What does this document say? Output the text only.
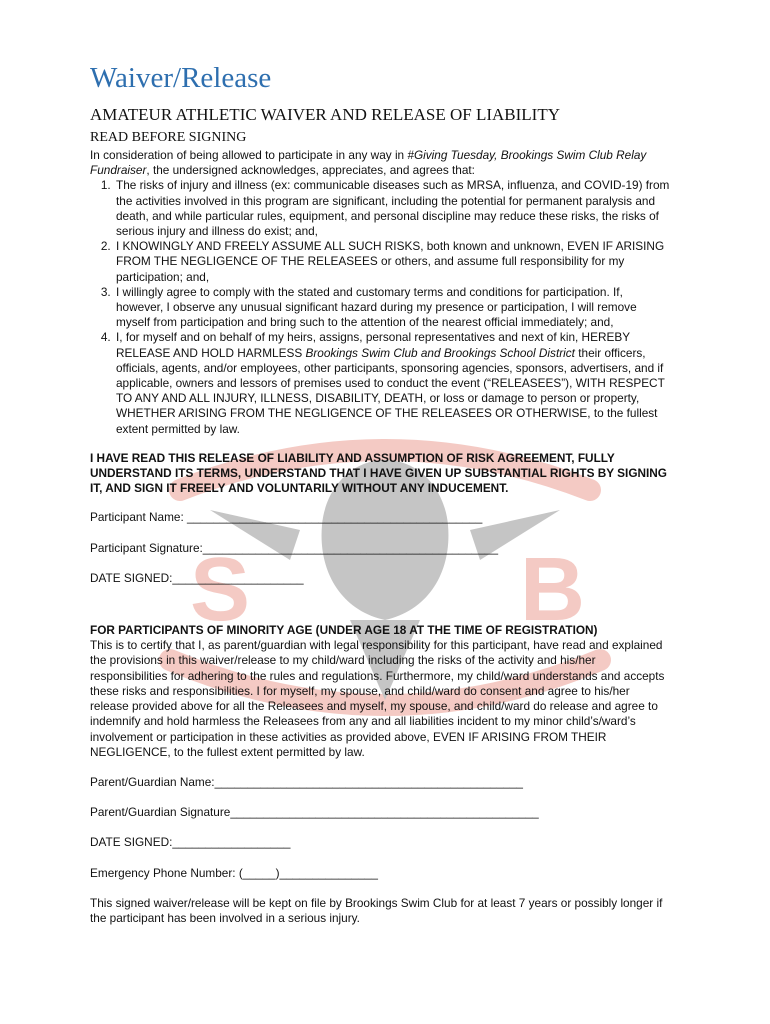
S	B
Waiver/Release
AMATEUR ATHLETIC WAIVER AND RELEASE OF LIABILITY
READ BEFORE SIGNING

In consideration of being allowed to participate in any way in #Giving Tuesday, Brookings Swim Club Relay Fundraiser, the undersigned acknowledges, appreciates, and agrees that:

1. The risks of injury and illness (ex: communicable diseases such as MRSA, influenza, and COVID-19) from the activities involved in this program are significant, including the potential for permanent paralysis and death, and while particular rules, equipment, and personal discipline may reduce these risks, the risks of serious injury and illness do exist; and,
2. I KNOWINGLY AND FREELY ASSUME ALL SUCH RISKS, both known and unknown, EVEN IF ARISING FROM THE NEGLIGENCE OF THE RELEASEES or others, and assume full responsibility for my participation; and,
3. I willingly agree to comply with the stated and customary terms and conditions for participation. If, however, I observe any unusual significant hazard during my presence or participation, I will remove myself from participation and bring such to the attention of the nearest official immediately; and,
4. I, for myself and on behalf of my heirs, assigns, personal representatives and next of kin, HEREBY RELEASE AND HOLD HARMLESS Brookings Swim Club and Brookings School District their officers, officials, agents, and/or employees, other participants, sponsoring agencies, sponsors, advertisers, and if applicable, owners and lessors of premises used to conduct the event (“RELEASEES”), WITH RESPECT TO ANY AND ALL INJURY, ILLNESS, DISABILITY, DEATH, or loss or damage to person or property, WHETHER ARISING FROM THE NEGLIGENCE OF THE RELEASEES OR OTHERWISE, to the fullest extent permitted by law.

I HAVE READ THIS RELEASE OF LIABILITY AND ASSUMPTION OF RISK AGREEMENT, FULLY UNDERSTAND ITS TERMS, UNDERSTAND THAT I HAVE GIVEN UP SUBSTANTIAL RIGHTS BY SIGNING IT, AND SIGN IT FREELY AND VOLUNTARILY WITHOUT ANY INDUCEMENT.

Participant Name: _____________________________________________

Participant Signature:_____________________________________________

DATE SIGNED:____________________

FOR PARTICIPANTS OF MINORITY AGE (UNDER AGE 18 AT THE TIME OF REGISTRATION)

This is to certify that I, as parent/guardian with legal responsibility for this participant, have read and explained the provisions in this waiver/release to my child/ward including the risks of the activity and his/her responsibilities for adhering to the rules and regulations. Furthermore, my child/ward understands and accepts these risks and responsibilities. I for myself, my spouse, and child/ward do consent and agree to his/her release provided above for all the Releasees and myself, my spouse, and child/ward do release and agree to indemnify and hold harmless the Releasees from any and all liabilities incident to my minor child’s/ward’s involvement or participation in these activities as provided above, EVEN IF ARISING FROM THEIR NEGLIGENCE, to the fullest extent permitted by law.

Parent/Guardian Name:_______________________________________________

Parent/Guardian Signature_______________________________________________

DATE SIGNED:__________________

Emergency Phone Number: (_____)_______________

This signed waiver/release will be kept on file by Brookings Swim Club for at least 7 years or possibly longer if the participant has been involved in a serious injury.
